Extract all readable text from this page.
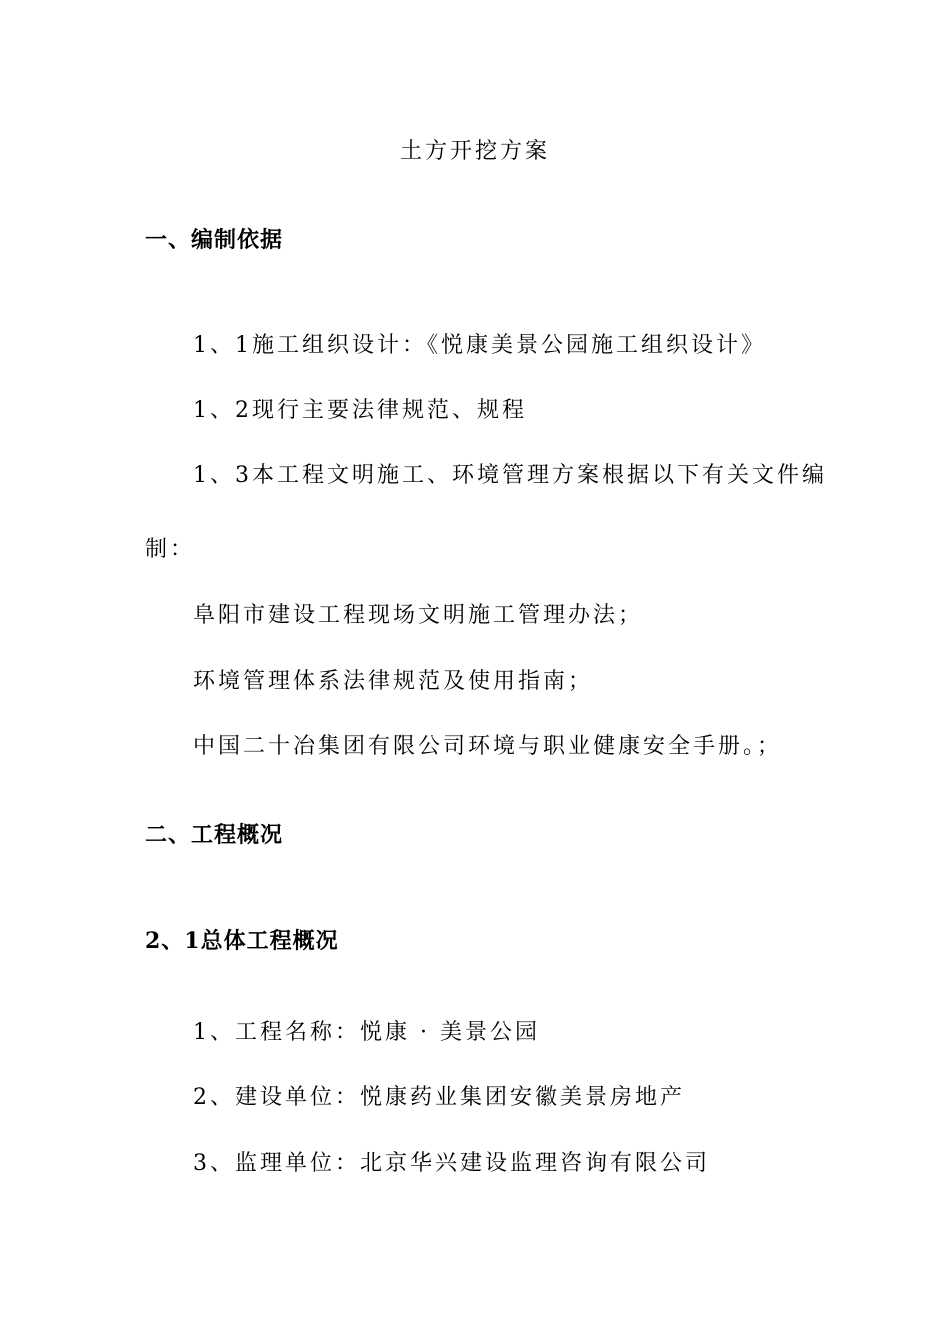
土方开挖方案
一、编制依据
1、1施工组织设计：《悦康美景公园施工组织设计》
1、2现行主要法律规范、规程
1、3本工程文明施工、环境管理方案根据以下有关文件编
制：
阜阳市建设工程现场文明施工管理办法；
环境管理体系法律规范及使用指南；
中国二十冶集团有限公司环境与职业健康安全手册。；
二、工程概况
2、1总体工程概况
1、工程名称：悦康 · 美景公园
2、建设单位：悦康药业集团安徽美景房地产
3、监理单位：北京华兴建设监理咨询有限公司
